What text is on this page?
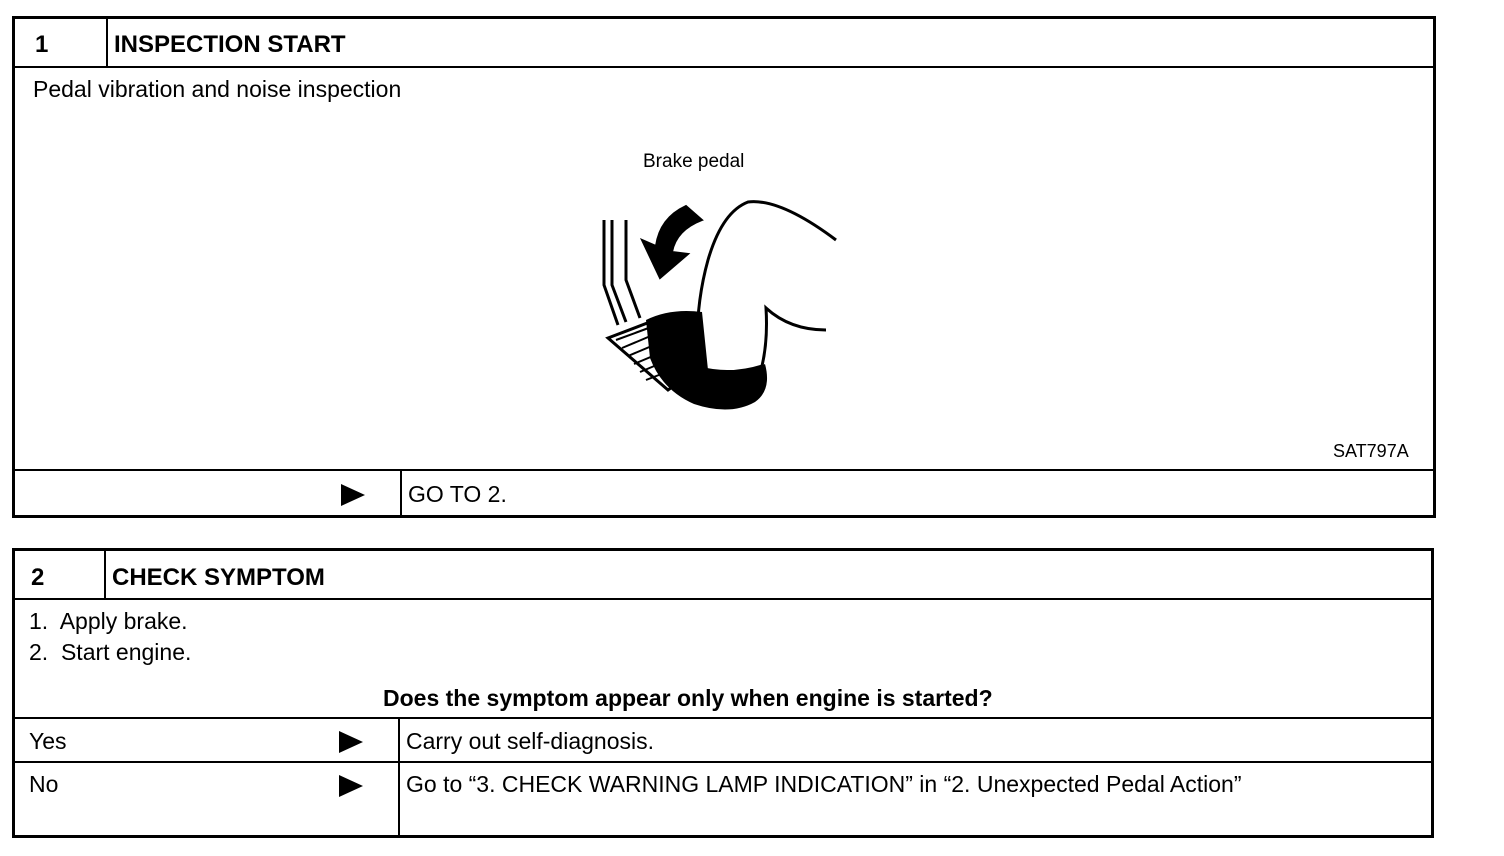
1	INSPECTION START
Pedal vibration and noise inspection
Brake pedal
SAT797A
GO TO 2.
2	CHECK SYMPTOM
1.  Apply brake.
2.  Start engine.
Does the symptom appear only when engine is started?
Yes	Carry out self-diagnosis.
No	Go to “3. CHECK WARNING LAMP INDICATION” in “2. Unexpected Pedal Action”
